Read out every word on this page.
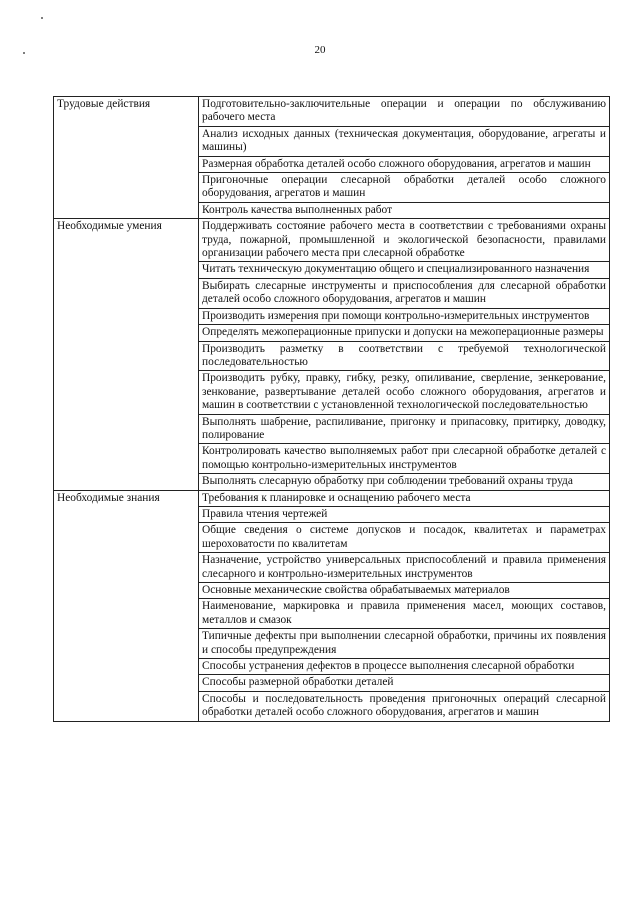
20
Трудовые действия	Подготовительно-заключительные операции и операции по обслуживанию рабочего места
	Анализ исходных данных (техническая документация, оборудование, агрегаты и машины)
	Размерная обработка деталей особо сложного оборудования, агрегатов и машин
	Пригоночные операции слесарной обработки деталей особо сложного оборудования, агрегатов и машин
	Контроль качества выполненных работ
Необходимые умения	Поддерживать состояние рабочего места в соответствии с требованиями охраны труда, пожарной, промышленной и экологической безопасности, правилами организации рабочего места при слесарной обработке
	Читать техническую документацию общего и специализированного назначения
	Выбирать слесарные инструменты и приспособления для слесарной обработки деталей особо сложного оборудования, агрегатов и машин
	Производить измерения при помощи контрольно-измерительных инструментов
	Определять межоперационные припуски и допуски на межоперационные размеры
	Производить разметку в соответствии с требуемой технологической последовательностью
	Производить рубку, правку, гибку, резку, опиливание, сверление, зенкерование, зенкование, развертывание деталей особо сложного оборудования, агрегатов и машин в соответствии с установленной технологической последовательностью
	Выполнять шабрение, распиливание, пригонку и припасовку, притирку, доводку, полирование
	Контролировать качество выполняемых работ при слесарной обработке деталей с помощью контрольно-измерительных инструментов
	Выполнять слесарную обработку при соблюдении требований охраны труда
Необходимые знания	Требования к планировке и оснащению рабочего места
	Правила чтения чертежей
	Общие сведения о системе допусков и посадок, квалитетах и параметрах шероховатости по квалитетам
	Назначение, устройство универсальных приспособлений и правила применения слесарного и контрольно-измерительных инструментов
	Основные механические свойства обрабатываемых материалов
	Наименование, маркировка и правила применения масел, моющих составов, металлов и смазок
	Типичные дефекты при выполнении слесарной обработки, причины их появления и способы предупреждения
	Способы устранения дефектов в процессе выполнения слесарной обработки
	Способы размерной обработки деталей
	Способы и последовательность проведения пригоночных операций слесарной обработки деталей особо сложного оборудования, агрегатов и машин
